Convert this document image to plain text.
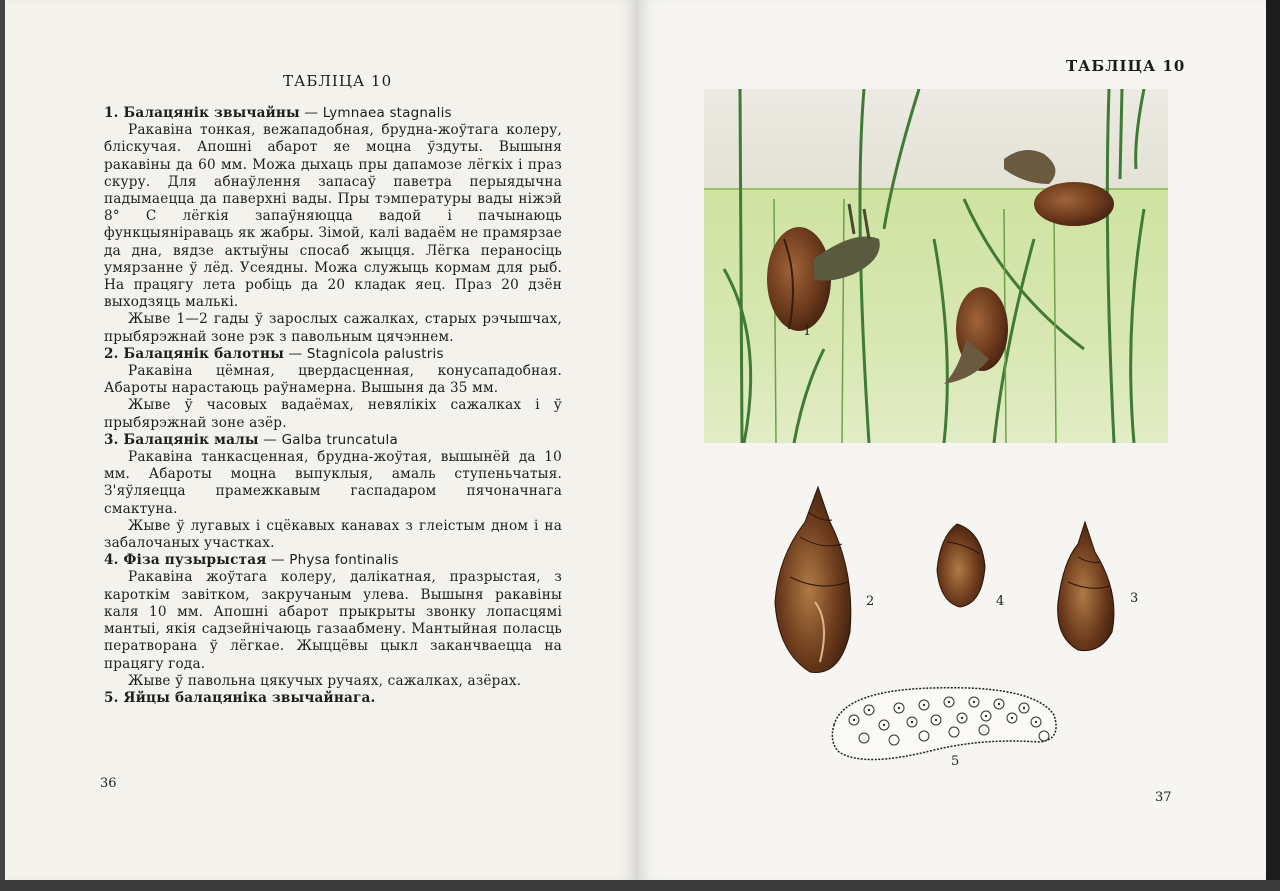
ТАБЛІЦА 10

1. Балацянік звычайны — Lymnaea stagnalis

Ракавіна тонкая, вежападобная, брудна-жоўтага колеру, бліскучая. Апошні абарот яе моцна ўздуты. Вышыня ракавіны да 60 мм. Можа дыхаць пры дапамозе лёгкіх і праз скуру. Для абнаўлення запасаў паветра перыядычна падымаецца да паверхні вады. Пры тэмпературы вады ніжэй 8° С лёгкія запаўняюцца вадой і пачынаюць функцыяніраваць як жабры. Зімой, калі вадаём не прамярзае да дна, вядзе актыўны спосаб жыцця. Лёгка пераносіць умярзанне ў лёд. Усеядны. Можа служыць кормам для рыб. На працягу лета робіць да 20 кладак яец. Праз 20 дзён выходзяць малькі.

Жыве 1—2 гады ў зарослых сажалках, старых рэчышчах, прыбярэжнай зоне рэк з павольным цячэннем.

2. Балацянік балотны — Stagnicola palustris

Ракавіна цёмная, цвердасценная, конусападобная. Абароты нарастаюць раўнамерна. Вышыня да 35 мм.

Жыве ў часовых вадаёмах, невялікіх сажалках і ў прыбярэжнай зоне азёр.

3. Балацянік малы — Galba truncatula

Ракавіна танкасценная, брудна-жоўтая, вышынёй да 10 мм. Абароты моцна выпуклыя, амаль ступеньчатыя. З'яўляецца прамежкавым гаспадаром пячоначнага смактуна.

Жыве ў лугавых і сцёкавых канавах з глеістым дном і на забалочаных участках.

4. Фіза пузырыстая — Physa fontinalis

Ракавіна жоўтага колеру, далікатная, празрыстая, з кароткім завітком, закручаным улева. Вышыня ракавіны каля 10 мм. Апошні абарот прыкрыты звонку лопасцямі мантыі, якія садзейнічаюць газаабмену. Мантыйная поласць ператворана ў лёгкае. Жыццёвы цыкл заканчваецца на працягу года.

Жыве ў павольна цякучых ручаях, сажалках, азёрах.

5. Яйцы балацяніка звычайнага.

36
ТАБЛІЦА 10
1
2	4	3
5
37
